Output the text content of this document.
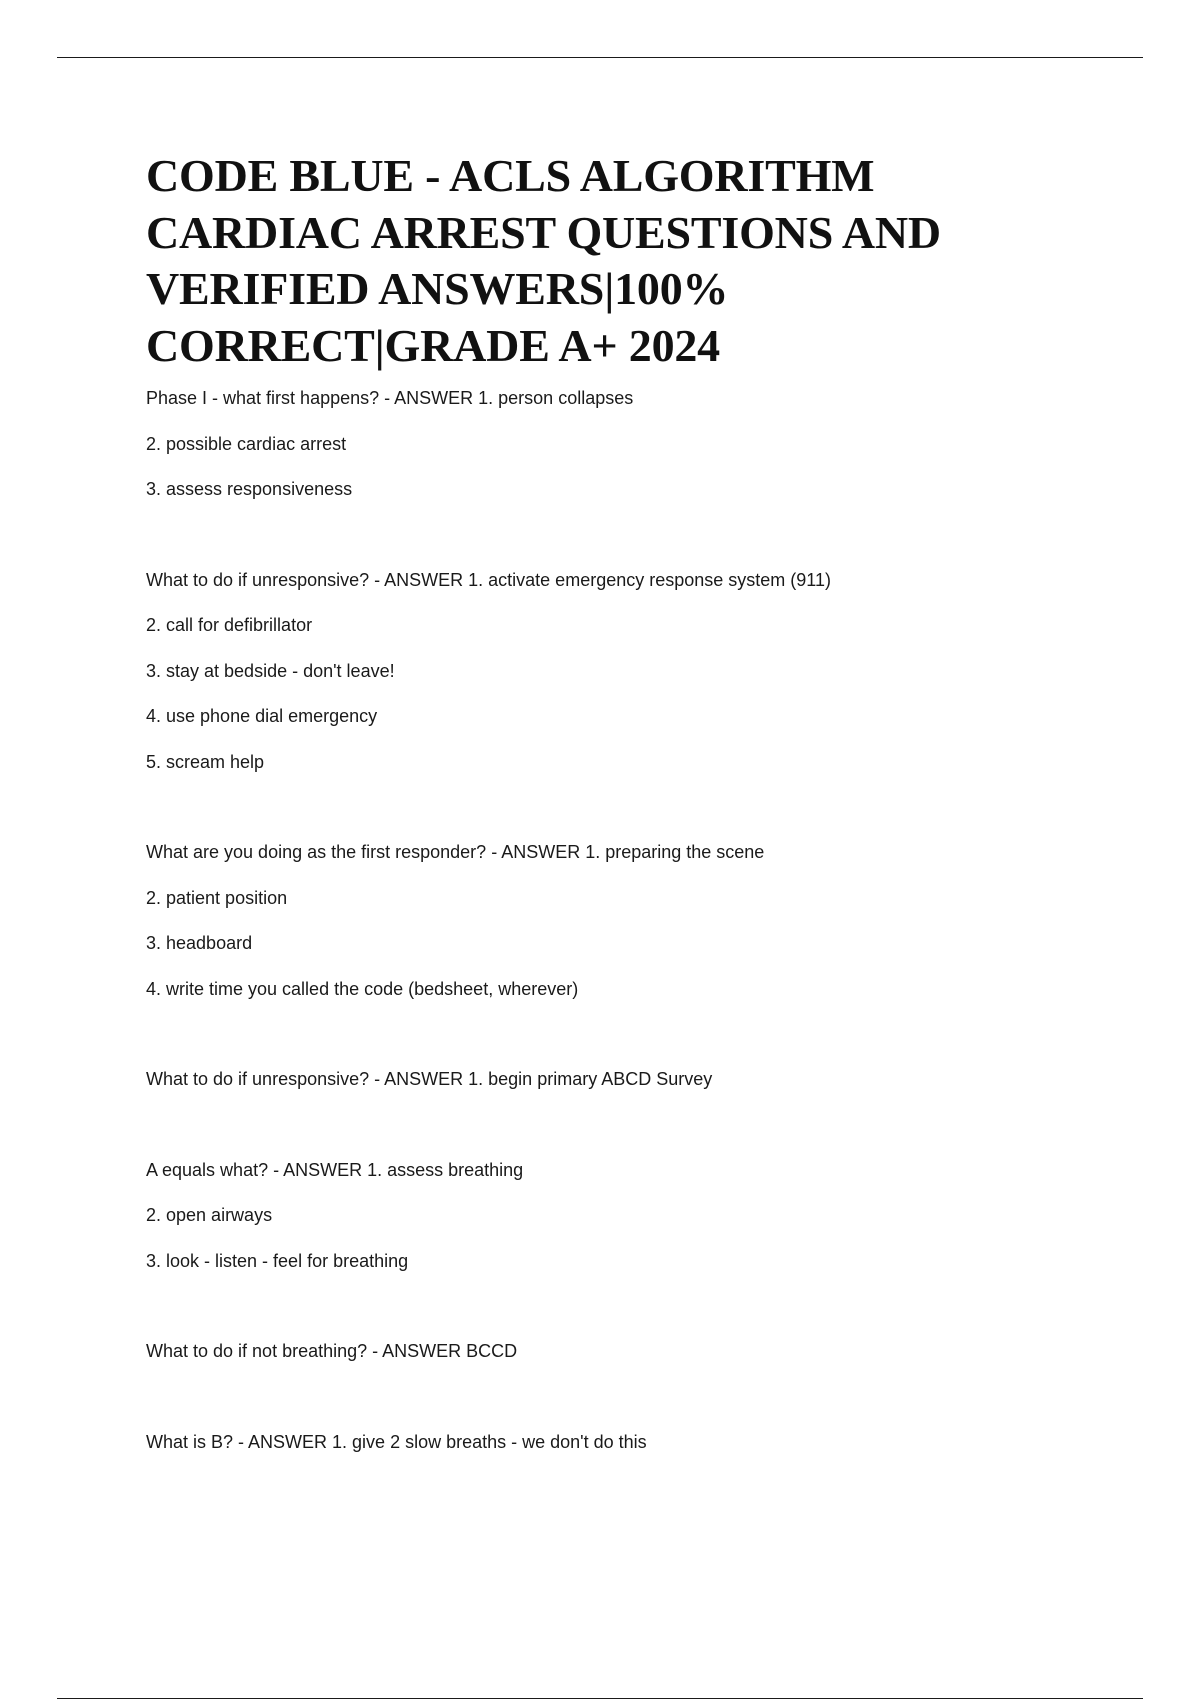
CODE BLUE - ACLS ALGORITHM
CARDIAC ARREST QUESTIONS AND
VERIFIED ANSWERS|100%
CORRECT|GRADE A+ 2024

Phase I - what first happens? - ANSWER 1. person collapses

2. possible cardiac arrest

3. assess responsiveness

What to do if unresponsive? - ANSWER 1. activate emergency response system (911)

2. call for defibrillator

3. stay at bedside - don't leave!

4. use phone dial emergency

5. scream help

What are you doing as the first responder? - ANSWER 1. preparing the scene

2. patient position

3. headboard

4. write time you called the code (bedsheet, wherever)

What to do if unresponsive? - ANSWER 1. begin primary ABCD Survey

A equals what? - ANSWER 1. assess breathing

2. open airways

3. look - listen - feel for breathing

What to do if not breathing? - ANSWER BCCD

What is B? - ANSWER 1. give 2 slow breaths - we don't do this
